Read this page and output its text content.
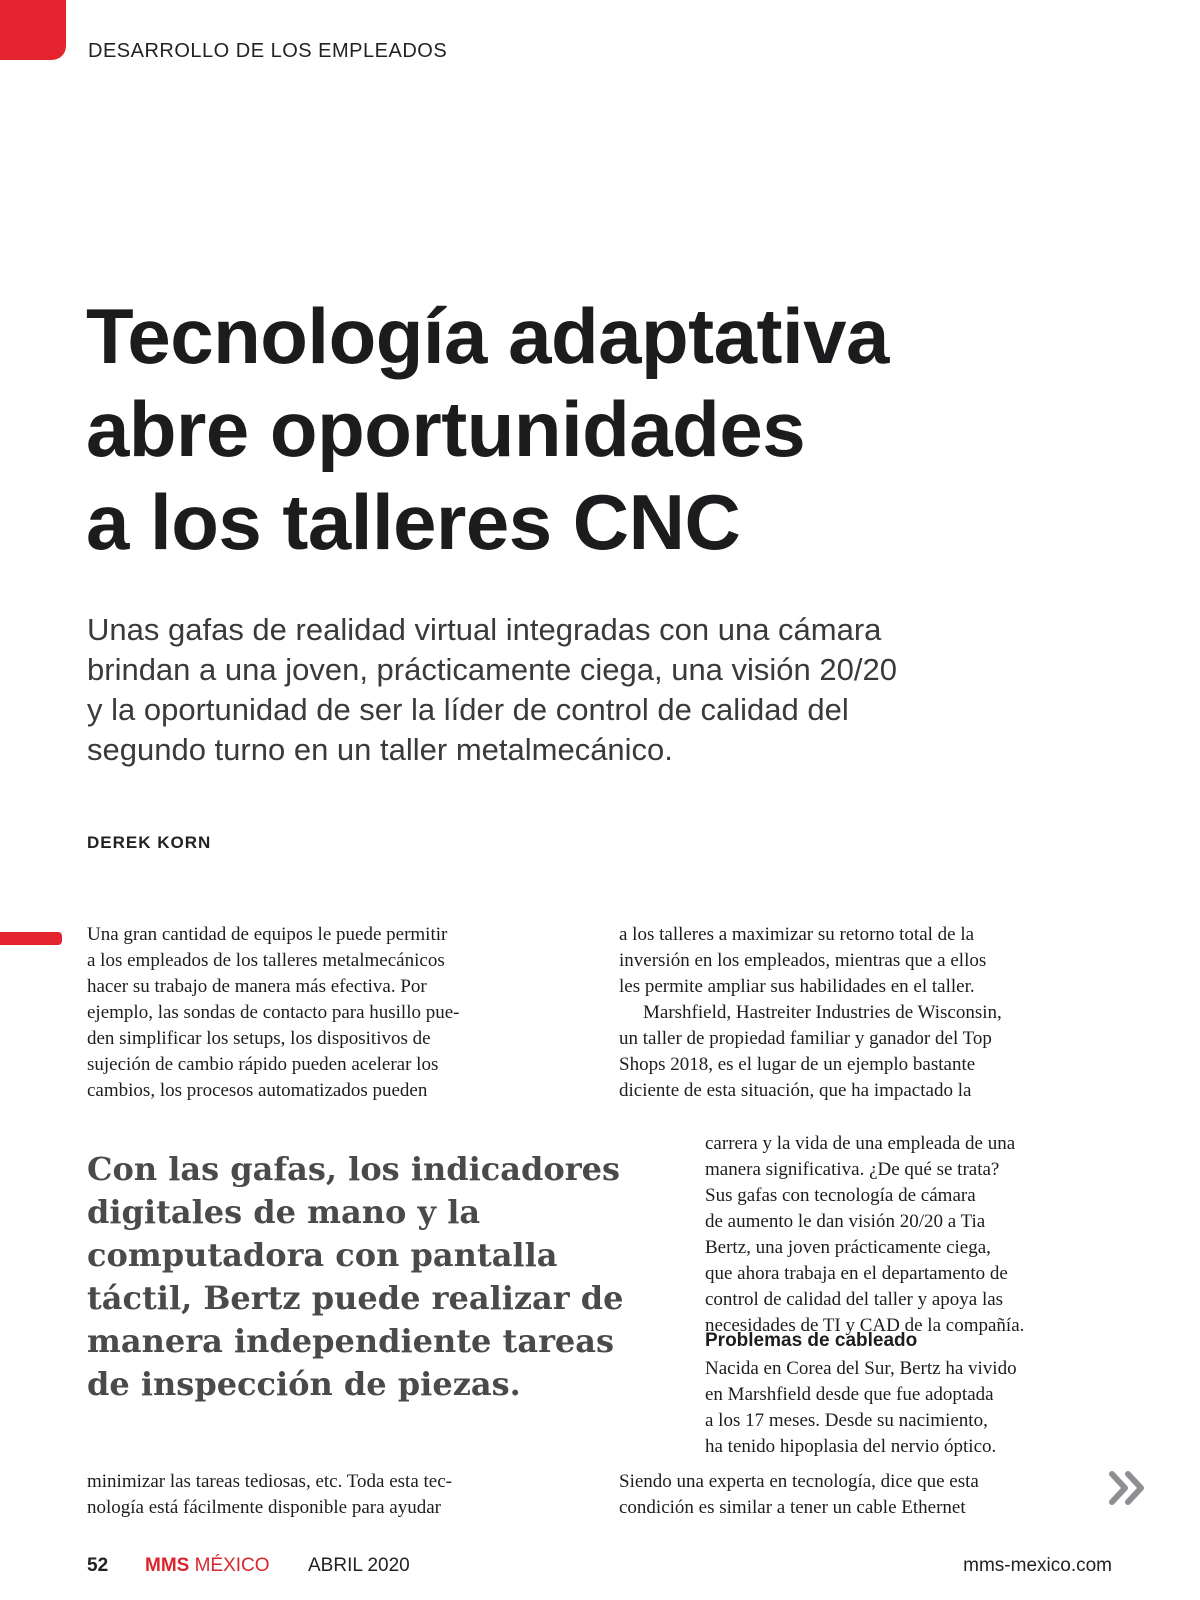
DESARROLLO DE LOS EMPLEADOS
Tecnología adaptativa
abre oportunidades
a los talleres CNC
Unas gafas de realidad virtual integradas con una cámara
brindan a una joven, prácticamente ciega, una visión 20/20
y la oportunidad de ser la líder de control de calidad del
segundo turno en un taller metalmecánico.
DEREK KORN
Una gran cantidad de equipos le puede permitir
a los empleados de los talleres metalmecánicos
hacer su trabajo de manera más efectiva. Por
ejemplo, las sondas de contacto para husillo pue-
den simplificar los setups, los dispositivos de
sujeción de cambio rápido pueden acelerar los
cambios, los procesos automatizados pueden
Con las gafas, los indicadores
digitales de mano y la
computadora con pantalla
táctil, Bertz puede realizar de
manera independiente tareas
de inspección de piezas.
minimizar las tareas tediosas, etc. Toda esta tec-
nología está fácilmente disponible para ayudar
a los talleres a maximizar su retorno total de la
inversión en los empleados, mientras que a ellos
les permite ampliar sus habilidades en el taller.
Marshfield, Hastreiter Industries de Wisconsin,
un taller de propiedad familiar y ganador del Top
Shops 2018, es el lugar de un ejemplo bastante
diciente de esta situación, que ha impactado la
carrera y la vida de una empleada de una
manera significativa. ¿De qué se trata?
Sus gafas con tecnología de cámara
de aumento le dan visión 20/20 a Tia
Bertz, una joven prácticamente ciega,
que ahora trabaja en el departamento de
control de calidad del taller y apoya las
necesidades de TI y CAD de la compañía.
Problemas de cableado
Nacida en Corea del Sur, Bertz ha vivido
en Marshfield desde que fue adoptada
a los 17 meses. Desde su nacimiento,
ha tenido hipoplasia del nervio óptico.
Siendo una experta en tecnología, dice que esta
condición es similar a tener un cable Ethernet
52 MMS MÉXICO ABRIL 2020	mms-mexico.com
